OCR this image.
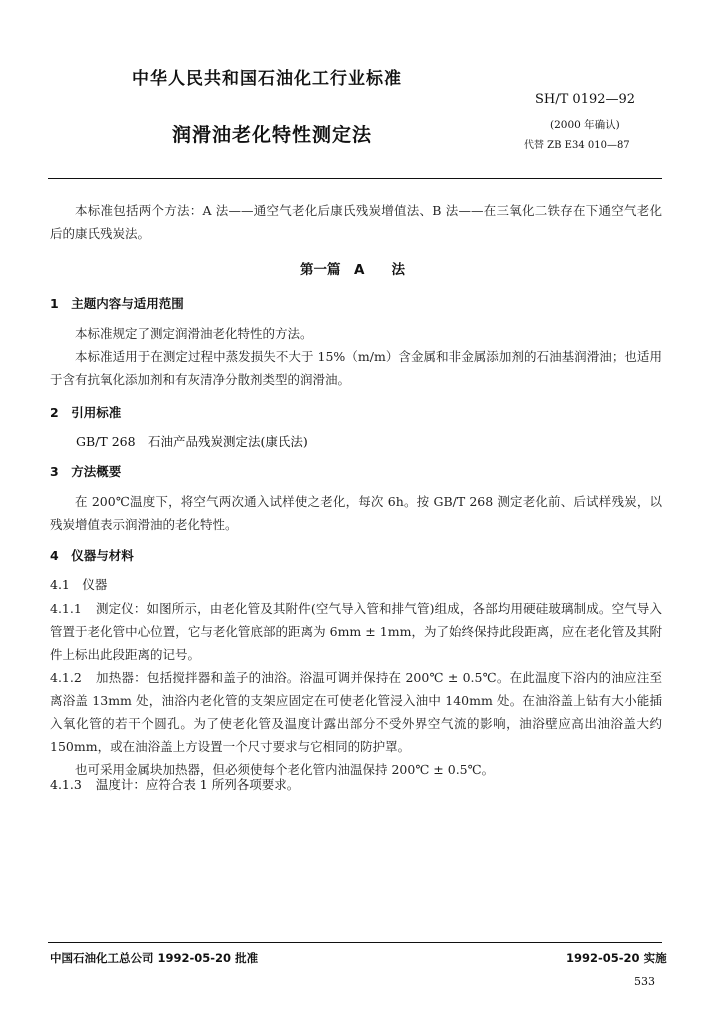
中华人民共和国石油化工行业标准
SH/T 0192—92
(2000 年确认)
代替 ZB E34 010—87
润滑油老化特性测定法

本标准包括两个方法：A 法——通空气老化后康氏残炭增值法、B 法——在三氧化二铁存在下通空气老化后的康氏残炭法。

第一篇　A　　法
1　主题内容与适用范围

本标准规定了测定润滑油老化特性的方法。

本标准适用于在测定过程中蒸发损失不大于 15%（m/m）含金属和非金属添加剂的石油基润滑油；也适用于含有抗氧化添加剂和有灰清净分散剂类型的润滑油。

2　引用标准
GB/T 268　石油产品残炭测定法(康氏法)
3　方法概要

在 200℃温度下，将空气两次通入试样使之老化，每次 6h。按 GB/T 268 测定老化前、后试样残炭，以残炭增值表示润滑油的老化特性。

4　仪器与材料
4.1　仪器

4.1.1 测定仪：如图所示，由老化管及其附件(空气导入管和排气管)组成，各部均用硬硅玻璃制成。空气导入管置于老化管中心位置，它与老化管底部的距离为 6mm ± 1mm，为了始终保持此段距离，应在老化管及其附件上标出此段距离的记号。

4.1.2 加热器：包括搅拌器和盖子的油浴。浴温可调并保持在 200℃ ± 0.5℃。在此温度下浴内的油应注至离浴盖 13mm 处，油浴内老化管的支架应固定在可使老化管浸入油中 140mm 处。在油浴盖上钻有大小能插入氧化管的若干个圆孔。为了使老化管及温度计露出部分不受外界空气流的影响，油浴壁应高出油浴盖大约 150mm，或在油浴盖上方设置一个尺寸要求与它相同的防护罩。

也可采用金属块加热器，但必须使每个老化管内油温保持 200℃ ± 0.5℃。

4.1.3 温度计：应符合表 1 所列各项要求。
中国石油化工总公司 1992-05-20 批准	1992-05-20 实施
533
